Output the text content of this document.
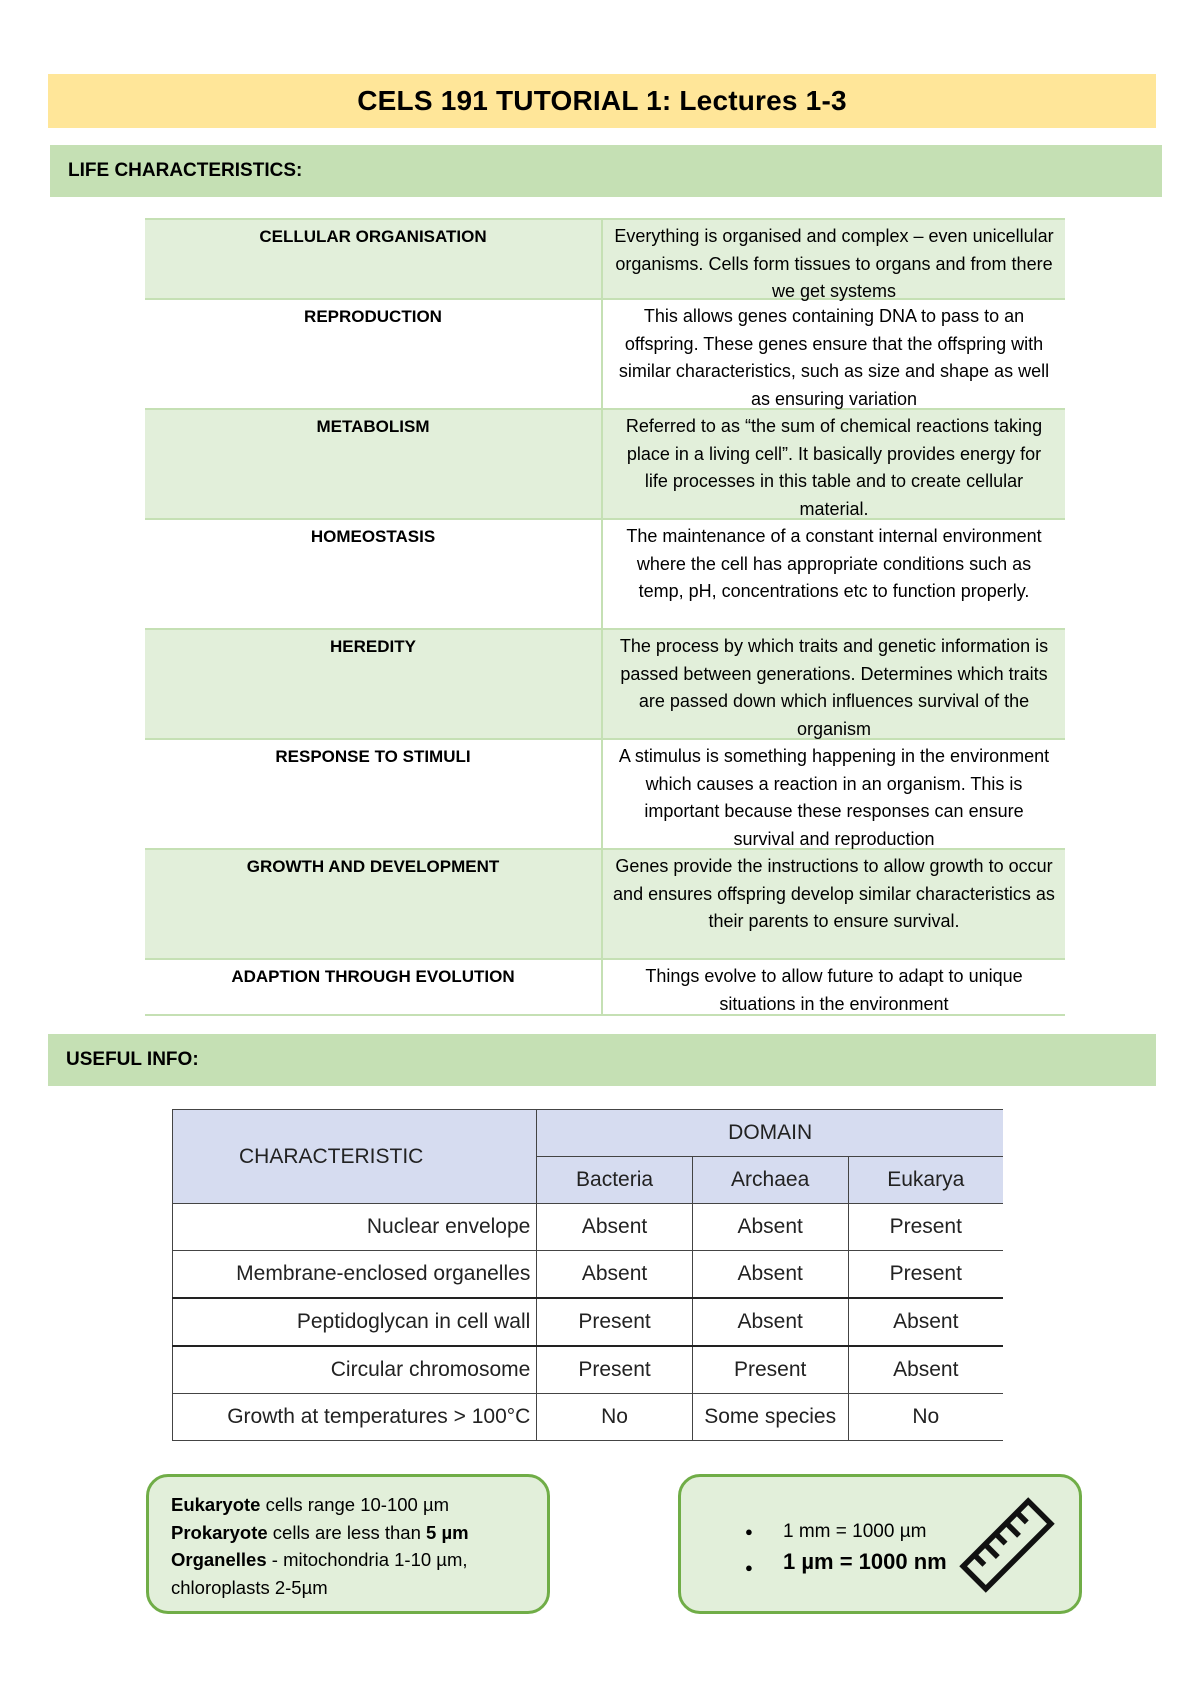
CELS 191 TUTORIAL 1: Lectures 1-3
LIFE CHARACTERISTICS:
CELLULAR ORGANISATION	Everything is organised and complex – even unicellular organisms. Cells form tissues to organs and from there we get systems
REPRODUCTION	This allows genes containing DNA to pass to an offspring. These genes ensure that the offspring with similar characteristics, such as size and shape as well as ensuring variation
METABOLISM	Referred to as “the sum of chemical reactions taking place in a living cell”. It basically provides energy for life processes in this table and to create cellular material.
HOMEOSTASIS	The maintenance of a constant internal environment where the cell has appropriate conditions such as temp, pH, concentrations etc to function properly.
HEREDITY	The process by which traits and genetic information is passed between generations. Determines which traits are passed down which influences survival of the organism
RESPONSE TO STIMULI	A stimulus is something happening in the environment which causes a reaction in an organism. This is important because these responses can ensure survival and reproduction
GROWTH AND DEVELOPMENT	Genes provide the instructions to allow growth to occur and ensures offspring develop similar characteristics as their parents to ensure survival.
ADAPTION THROUGH EVOLUTION	Things evolve to allow future to adapt to unique situations in the environment
USEFUL INFO:
CHARACTERISTIC	DOMAIN		
	Bacteria	Archaea	Eukarya
Nuclear envelope	Absent	Absent	Present
Membrane-enclosed organelles	Absent	Absent	Present
Peptidoglycan in cell wall	Present	Absent	Absent
Circular chromosome	Present	Present	Absent
Growth at temperatures > 100°C	No	Some species	No
Eukaryote cells range 10-100 µm
Prokaryote cells are less than 5 µm
Organelles - mitochondria 1-10 µm,
chloroplasts 2-5µm
● 1 mm = 1000 µm
● 1 µm = 1000 nm
